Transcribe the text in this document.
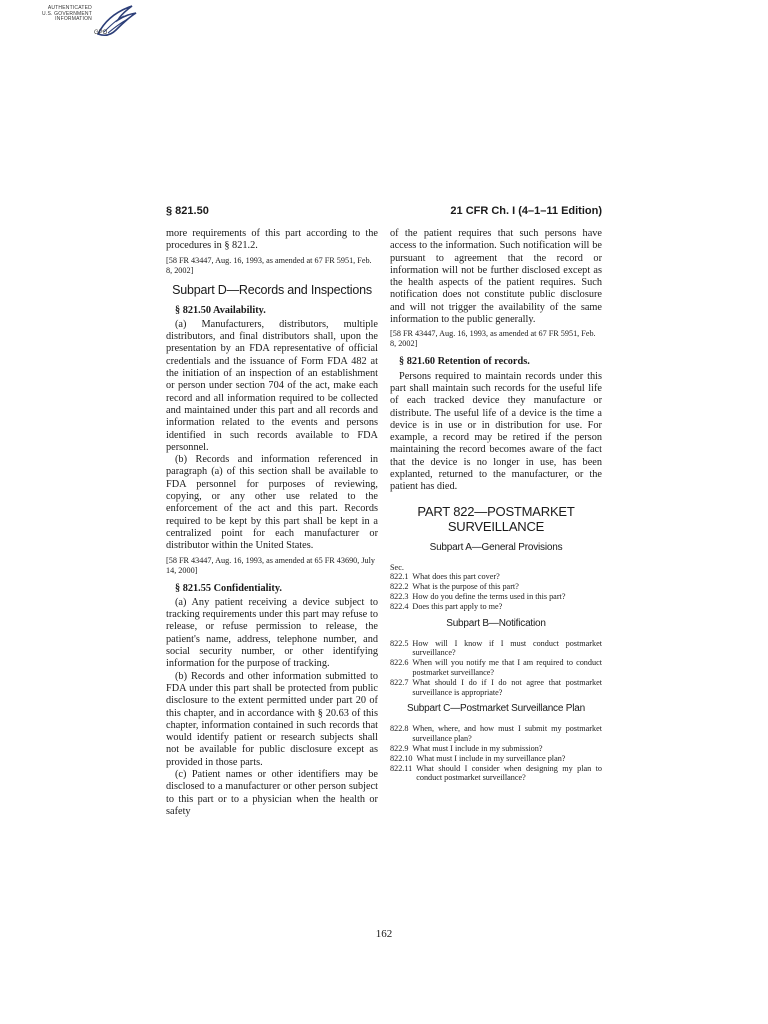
AUTHENTICATED
U.S. GOVERNMENT
INFORMATION
GPO
§ 821.50	21 CFR Ch. I (4–1–11 Edition)

more requirements of this part according to the procedures in § 821.2.

[58 FR 43447, Aug. 16, 1993, as amended at 67 FR 5951, Feb. 8, 2002]

Subpart D—Records and Inspections

§ 821.50 Availability.

(a) Manufacturers, distributors, multiple distributors, and final distributors shall, upon the presentation by an FDA representative of official credentials and the issuance of Form FDA 482 at the initiation of an inspection of an establishment or person under section 704 of the act, make each record and all information required to be collected and maintained under this part and all records and information related to the events and persons identified in such records available to FDA personnel.

(b) Records and information referenced in paragraph (a) of this section shall be available to FDA personnel for purposes of reviewing, copying, or any other use related to the enforcement of the act and this part. Records required to be kept by this part shall be kept in a centralized point for each manufacturer or distributor within the United States.

[58 FR 43447, Aug. 16, 1993, as amended at 65 FR 43690, July 14, 2000]

§ 821.55 Confidentiality.

(a) Any patient receiving a device subject to tracking requirements under this part may refuse to release, or refuse permission to release, the patient's name, address, telephone number, and social security number, or other identifying information for the purpose of tracking.

(b) Records and other information submitted to FDA under this part shall be protected from public disclosure to the extent permitted under part 20 of this chapter, and in accordance with § 20.63 of this chapter, information contained in such records that would identify patient or research subjects shall not be available for public disclosure except as provided in those parts.

(c) Patient names or other identifiers may be disclosed to a manufacturer or other person subject to this part or to a physician when the health or safety

of the patient requires that such persons have access to the information. Such notification will be pursuant to agreement that the record or information will not be further disclosed except as the health aspects of the patient requires. Such notification does not constitute public disclosure and will not trigger the availability of the same information to the public generally.

[58 FR 43447, Aug. 16, 1993, as amended at 67 FR 5951, Feb. 8, 2002]

§ 821.60 Retention of records.

Persons required to maintain records under this part shall maintain such records for the useful life of each tracked device they manufacture or distribute. The useful life of a device is the time a device is in use or in distribution for use. For example, a record may be retired if the person maintaining the record becomes aware of the fact that the device is no longer in use, has been explanted, returned to the manufacturer, or the patient has died.

PART 822—POSTMARKET SURVEILLANCE
Subpart A—General Provisions
Sec.
822.1 What does this part cover?
822.2 What is the purpose of this part?
822.3 How do you define the terms used in this part?
822.4 Does this part apply to me?
Subpart B—Notification
822.5 How will I know if I must conduct postmarket surveillance?
822.6 When will you notify me that I am required to conduct postmarket surveillance?
822.7 What should I do if I do not agree that postmarket surveillance is appropriate?
Subpart C—Postmarket Surveillance Plan
822.8 When, where, and how must I submit my postmarket surveillance plan?
822.9 What must I include in my submission?
822.10 What must I include in my surveillance plan?
822.11 What should I consider when designing my plan to conduct postmarket surveillance?
162
